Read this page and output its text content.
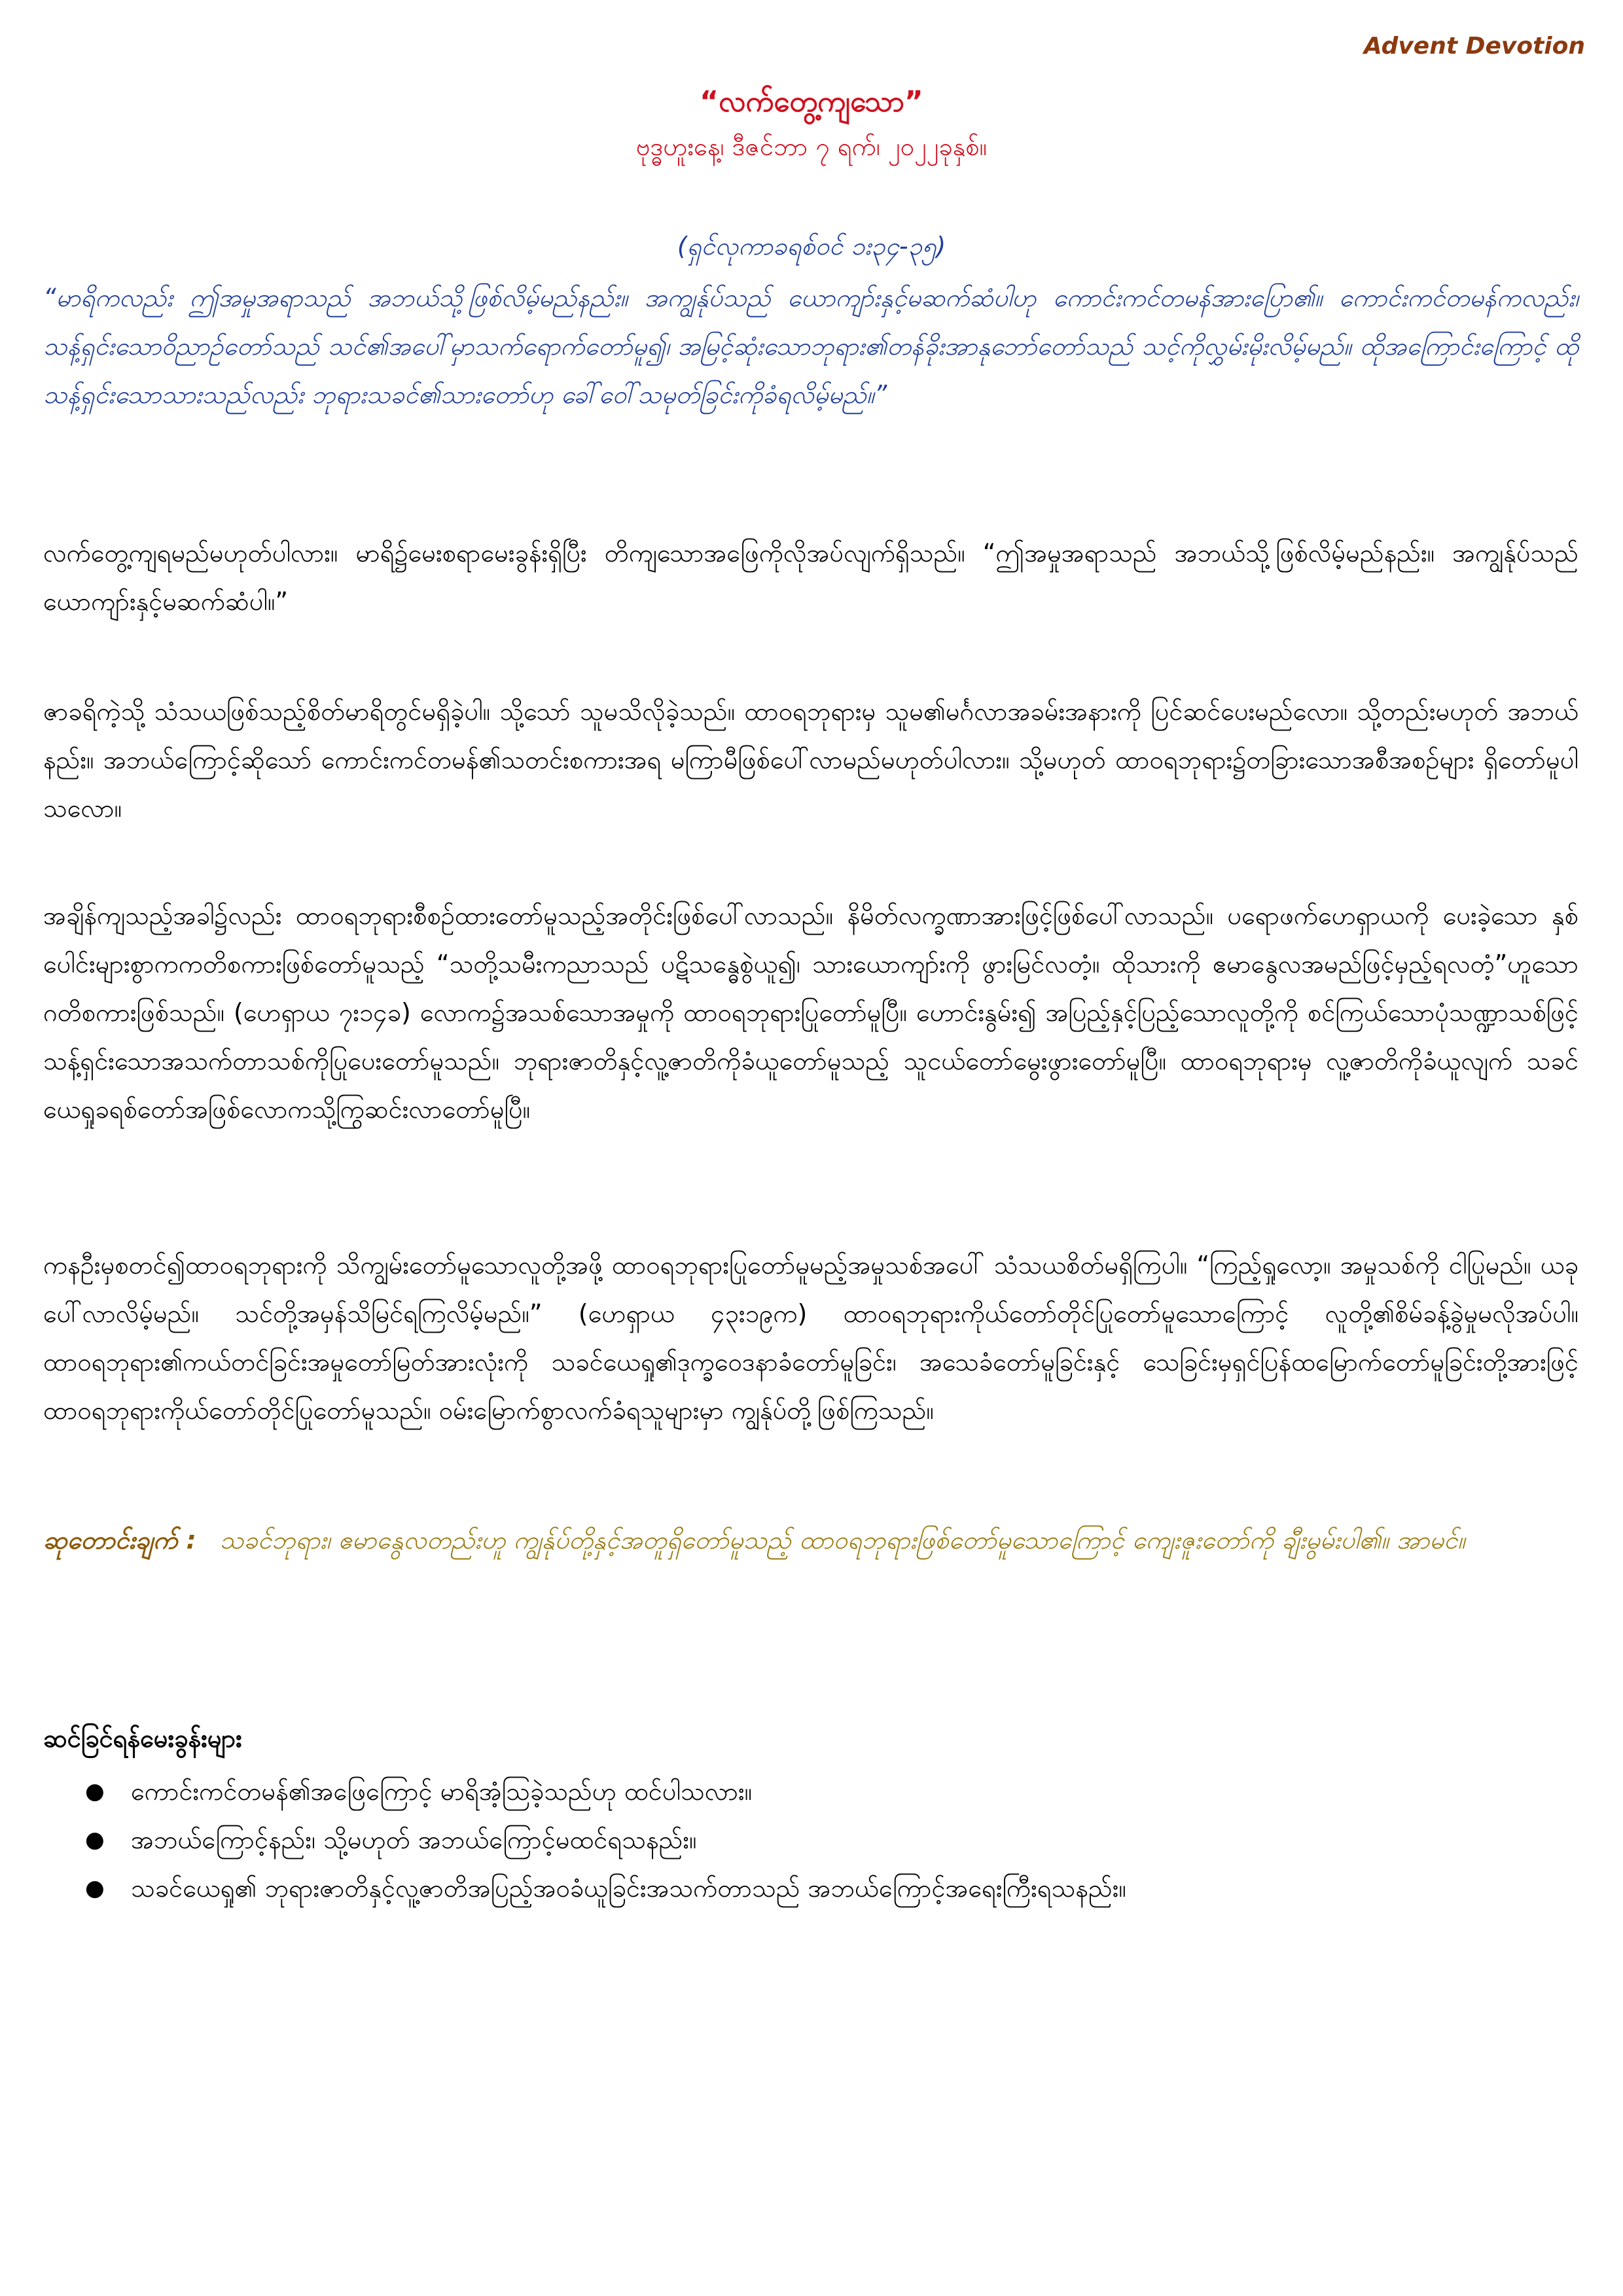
Advent Devotion
“လက်တွေ့ကျသော”
ဗုဒ္ဓဟူးနေ့၊ ဒီဇင်ဘာ ၇ ရက်၊ ၂၀၂၂ခုနှစ်။
(ရှင်လုကာခရစ်ဝင် ၁း၃၄-၃၅)
“မာရိကလည်း ဤအမှုအရာသည် အဘယ်သို့ဖြစ်လိမ့်မည်နည်း။ အကျွန်ုပ်သည် ယောကျာ်းနှင့်မဆက်ဆံပါဟု ကောင်းကင်တမန်အားပြော၏။ ကောင်းကင်တမန်ကလည်း၊ သန့်ရှင်းသောဝိညာဉ်တော်သည် သင်၏အပေါ်မှာသက်ရောက်တော်မူ၍၊ အမြင့်ဆုံးသောဘုရား၏တန်ခိုးအာနုဘော်တော်သည် သင့်ကိုလွှမ်းမိုးလိမ့်မည်။ ထိုအကြောင်းကြောင့် ထိုသန့်ရှင်းသောသားသည်လည်း ဘုရားသခင်၏သားတော်ဟု ခေါ်ဝေါ်သမုတ်ခြင်းကိုခံရလိမ့်မည်။”
လက်တွေ့ကျရမည်မဟုတ်ပါလား။ မာရိ၌မေးစရာမေးခွန်းရှိပြီး တိကျသောအဖြေကိုလိုအပ်လျက်ရှိသည်။ “ဤအမှုအရာသည် အဘယ်သို့ဖြစ်လိမ့်မည်နည်း။ အကျွန်ုပ်သည် ယောကျာ်းနှင့်မဆက်ဆံပါ။”
ဇာခရိကဲ့သို့ သံသယဖြစ်သည့်စိတ်မာရိတွင်မရှိခဲ့ပါ။ သို့သော် သူမသိလိုခဲ့သည်။ ထာဝရဘုရားမှ သူမ၏မင်္ဂလာအခမ်းအနားကို ပြင်ဆင်ပေးမည်လော။ သို့တည်းမဟုတ် အဘယ်နည်း။ အဘယ်ကြောင့်ဆိုသော် ကောင်းကင်တမန်၏သတင်းစကားအရ မကြာမီဖြစ်ပေါ်လာမည်မဟုတ်ပါလား။ သို့မဟုတ် ထာဝရဘုရား၌တခြားသောအစီအစဉ်များ ရှိတော်မူပါသလော။
အချိန်ကျသည့်အခါ၌လည်း ထာဝရဘုရားစီစဉ်ထားတော်မူသည့်အတိုင်းဖြစ်ပေါ်လာသည်။ နိမိတ်လက္ခဏာအားဖြင့်ဖြစ်ပေါ်လာသည်။ ပရောဖက်ဟေရှာယကို ပေးခဲ့သော နှစ်ပေါင်းများစွာကကတိစကားဖြစ်တော်မူသည့် “သတို့သမီးကညာသည် ပဋိသန္ဓေစွဲယူ၍၊ သားယောကျာ်းကို ဖွားမြင်လတံ့။ ထိုသားကို ဧမာနွေလအမည်ဖြင့်မှည့်ရလတံ့”ဟူသော ဂတိစကားဖြစ်သည်။ (ဟေရှာယ ၇း၁၄ခ) လောက၌အသစ်သောအမှုကို ထာဝရဘုရားပြုတော်မူပြီ။ ဟောင်းနွမ်း၍ အပြည့်နှင့်ပြည့်သောလူတို့ကို စင်ကြယ်သောပုံသဏ္ဍာသစ်ဖြင့် သန့်ရှင်းသောအသက်တာသစ်ကိုပြုပေးတော်မူသည်။ ဘုရားဇာတိနှင့်လူ့ဇာတိကိုခံယူတော်မူသည့် သူငယ်တော်မွေးဖွားတော်မူပြီ။ ထာဝရဘုရားမှ လူ့ဇာတိကိုခံယူလျက် သခင်ယေရှုခရစ်တော်အဖြစ်လောကသို့ကြွဆင်းလာတော်မူပြီ။
ကနဦးမှစတင်၍ထာဝရဘုရားကို သိကျွမ်းတော်မူသောလူတို့အဖို့ ထာဝရဘုရားပြုတော်မူမည့်အမှုသစ်အပေါ် သံသယစိတ်မရှိကြပါ။ “ကြည့်ရှုလော့။ အမှုသစ်ကို ငါပြုမည်။ ယခုပေါ်လာလိမ့်မည်။ သင်တို့အမှန်သိမြင်ရကြလိမ့်မည်။” (ဟေရှာယ ၄၃း၁၉က) ထာဝရဘုရားကိုယ်တော်တိုင်ပြုတော်မူသောကြောင့် လူတို့၏စိမ်ခန့်ခွဲမှုမလိုအပ်ပါ။ ထာဝရဘုရား၏ကယ်တင်ခြင်းအမှုတော်မြတ်အားလုံးကို သခင်ယေရှု၏ဒုက္ခဝေဒနာခံတော်မူခြင်း၊ အသေခံတော်မူခြင်းနှင့် သေခြင်းမှရှင်ပြန်ထမြောက်တော်မူခြင်းတို့အားဖြင့် ထာဝရဘုရားကိုယ်တော်တိုင်ပြုတော်မူသည်။ ဝမ်းမြောက်စွာလက်ခံရသူများမှာ ကျွန်ုပ်တို့ဖြစ်ကြသည်။
ဆုတောင်းချက် : သခင်ဘုရား၊ ဧမာနွေလတည်းဟူ ကျွန်ုပ်တို့နှင့်အတူရှိတော်မူသည့် ထာဝရဘုရားဖြစ်တော်မူသောကြောင့် ကျေးဇူးတော်ကို ချီးမွမ်းပါ၏။ အာမင်။
ဆင်ခြင်ရန်မေးခွန်းများ
● ကောင်းကင်တမန်၏အဖြေကြောင့် မာရိအံ့သြခဲ့သည်ဟု ထင်ပါသလား။
● အဘယ်ကြောင့်နည်း၊ သို့မဟုတ် အဘယ်ကြောင့်မထင်ရသနည်း။
● သခင်ယေရှု၏ ဘုရားဇာတိနှင့်လူ့ဇာတိအပြည့်အဝခံယူခြင်းအသက်တာသည် အဘယ်ကြောင့်အရေးကြီးရသနည်း။
